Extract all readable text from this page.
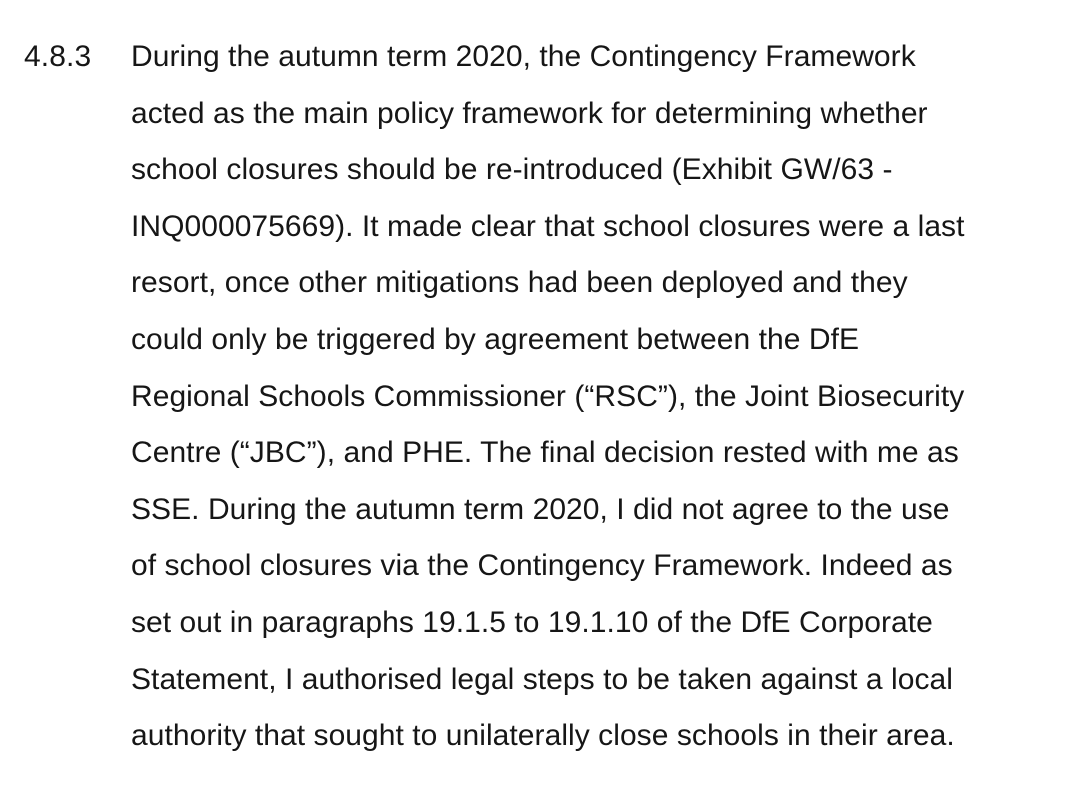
4.8.3 During the autumn term 2020, the Contingency Framework
acted as the main policy framework for determining whether
school closures should be re-introduced (Exhibit GW/63 -
INQ000075669). It made clear that school closures were a last
resort, once other mitigations had been deployed and they
could only be triggered by agreement between the DfE
Regional Schools Commissioner (“RSC”), the Joint Biosecurity
Centre (“JBC”), and PHE. The final decision rested with me as
SSE. During the autumn term 2020, I did not agree to the use
of school closures via the Contingency Framework. Indeed as
set out in paragraphs 19.1.5 to 19.1.10 of the DfE Corporate
Statement, I authorised legal steps to be taken against a local
authority that sought to unilaterally close schools in their area.
